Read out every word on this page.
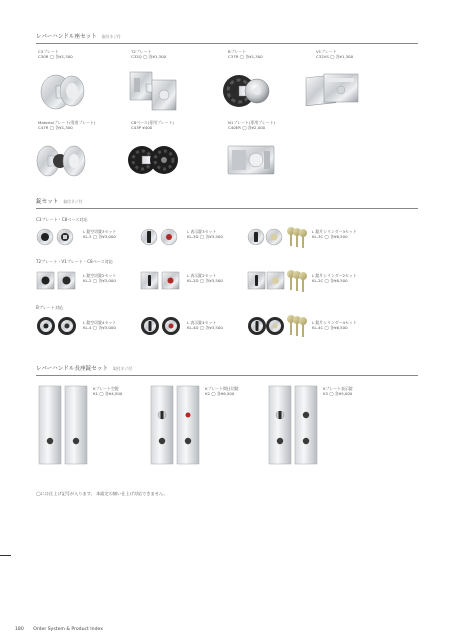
レバーハンドル座セット 取付ネジ付
C3プレート
C30R ◯ 各¥1,300
T2プレート
C32Q ◯ 各¥1,300
Bプレート
C37R ◯ 各¥1,300
V1プレート
C32VS ◯ 各¥1,300
Materialプレート(専用プレート)
C47R ◯ 各¥1,300
C8ベース(専用プレート)
C43P ¥400
N1プレート(専用プレート)
C40ER ◯ 各¥2,000
錠セット 取付ネジ付
C3プレート・C8ベース対応
L 錠空切錠3セット
KL-3 ◯ 各¥3,000
L 表示錠3セット
KL-3D ◯ 各¥3,500
L 錠片シリンダー3セット
KL-3C ◯ 各¥6,500
T2プレート・V1プレート・C8ベース対応
L 錠空切錠2セット
KL-2 ◯ 各¥3,000
L 表示錠2セット
KL-2D ◯ 各¥3,500
L 錠片シリンダー2セット
KL-2C ◯ 各¥6,500
Bプレート対応
L 錠空切錠4セット
KL-4 ◯ 各¥3,000
L 表示錠4セット
KL-4D ◯ 各¥3,500
L 錠片シリンダー4セット
KL-4C ◯ 各¥6,500
レバーハンドル長座錠セット 取付ネジ付
Kプレート空錠
K1 ◯ 各¥4,500
Kプレート間仕切錠
K2 ◯ 各¥6,500
Kプレート表示錠
K3 ◯ 各¥5,000
◯には仕上げ記号が入ります。 本組定の無い仕上げ対応できません。
180 Order System & Product Index
